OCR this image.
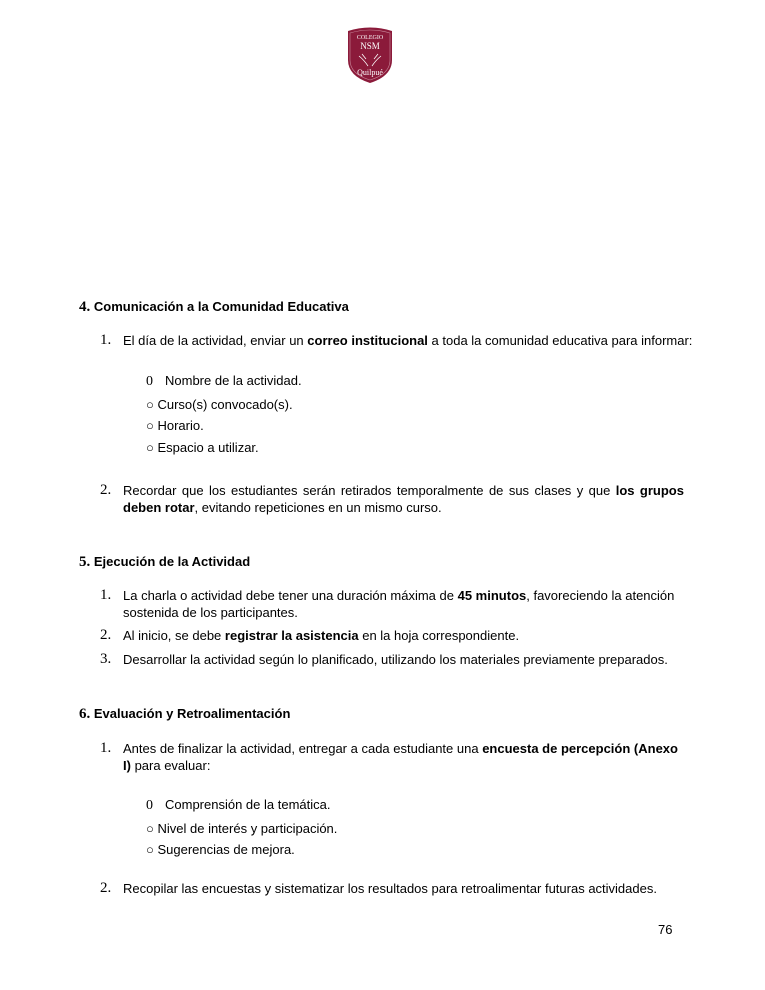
COLEGIO
NSM
Quilpué
4. Comunicación a la Comunidad Educativa
1. El día de la actividad, enviar un correo institucional a toda la comunidad educativa para informar:
0 Nombre de la actividad.
○ Curso(s) convocado(s).
○ Horario.
○ Espacio a utilizar.
2. Recordar que los estudiantes serán retirados temporalmente de sus clases y que los grupos deben rotar, evitando repeticiones en un mismo curso.
5. Ejecución de la Actividad
1. La charla o actividad debe tener una duración máxima de 45 minutos, favoreciendo la atención sostenida de los participantes.
2. Al inicio, se debe registrar la asistencia en la hoja correspondiente.
3. Desarrollar la actividad según lo planificado, utilizando los materiales previamente preparados.
6. Evaluación y Retroalimentación
1. Antes de finalizar la actividad, entregar a cada estudiante una encuesta de percepción (Anexo I) para evaluar:
0 Comprensión de la temática.
○ Nivel de interés y participación.
○ Sugerencias de mejora.
2. Recopilar las encuestas y sistematizar los resultados para retroalimentar futuras actividades.
76
